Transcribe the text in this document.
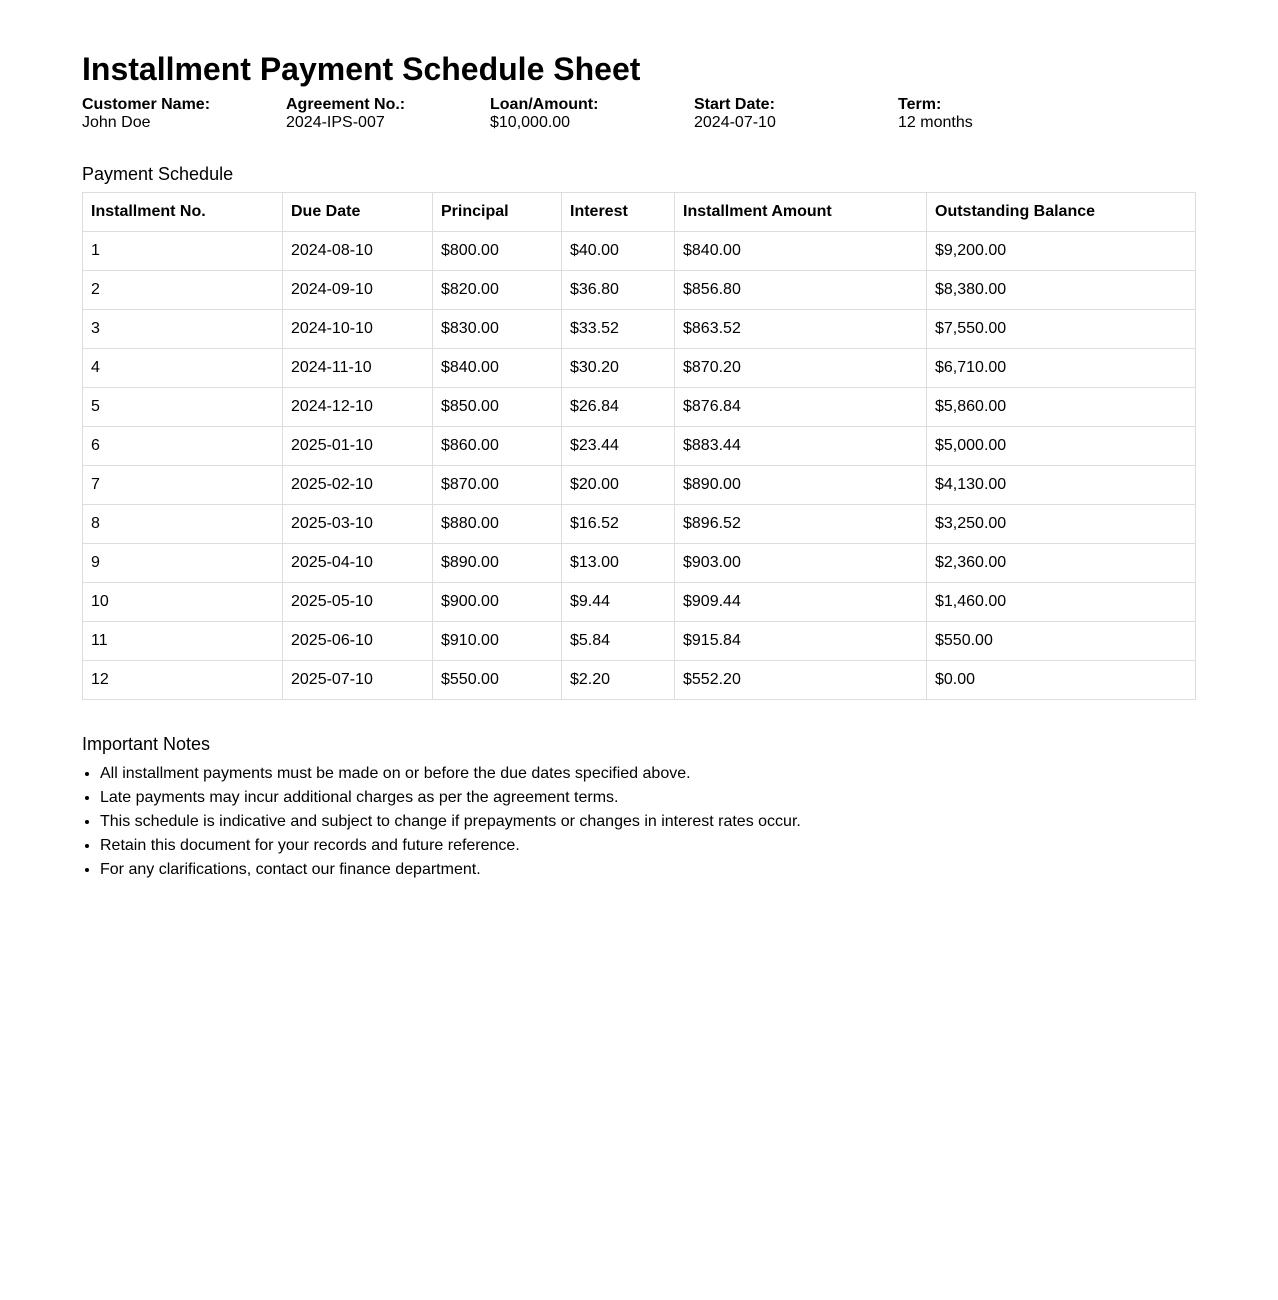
Installment Payment Schedule Sheet
Customer Name:
John Doe
Agreement No.:
2024-IPS-007
Loan/Amount:
$10,000.00
Start Date:
2024-07-10
Term:
12 months
Payment Schedule
Installment No.	Due Date	Principal	Interest	Installment Amount	Outstanding Balance
1	2024-08-10	$800.00	$40.00	$840.00	$9,200.00
2	2024-09-10	$820.00	$36.80	$856.80	$8,380.00
3	2024-10-10	$830.00	$33.52	$863.52	$7,550.00
4	2024-11-10	$840.00	$30.20	$870.20	$6,710.00
5	2024-12-10	$850.00	$26.84	$876.84	$5,860.00
6	2025-01-10	$860.00	$23.44	$883.44	$5,000.00
7	2025-02-10	$870.00	$20.00	$890.00	$4,130.00
8	2025-03-10	$880.00	$16.52	$896.52	$3,250.00
9	2025-04-10	$890.00	$13.00	$903.00	$2,360.00
10	2025-05-10	$900.00	$9.44	$909.44	$1,460.00
11	2025-06-10	$910.00	$5.84	$915.84	$550.00
12	2025-07-10	$550.00	$2.20	$552.20	$0.00
Important Notes
• All installment payments must be made on or before the due dates specified above.
• Late payments may incur additional charges as per the agreement terms.
• This schedule is indicative and subject to change if prepayments or changes in interest rates occur.
• Retain this document for your records and future reference.
• For any clarifications, contact our finance department.
